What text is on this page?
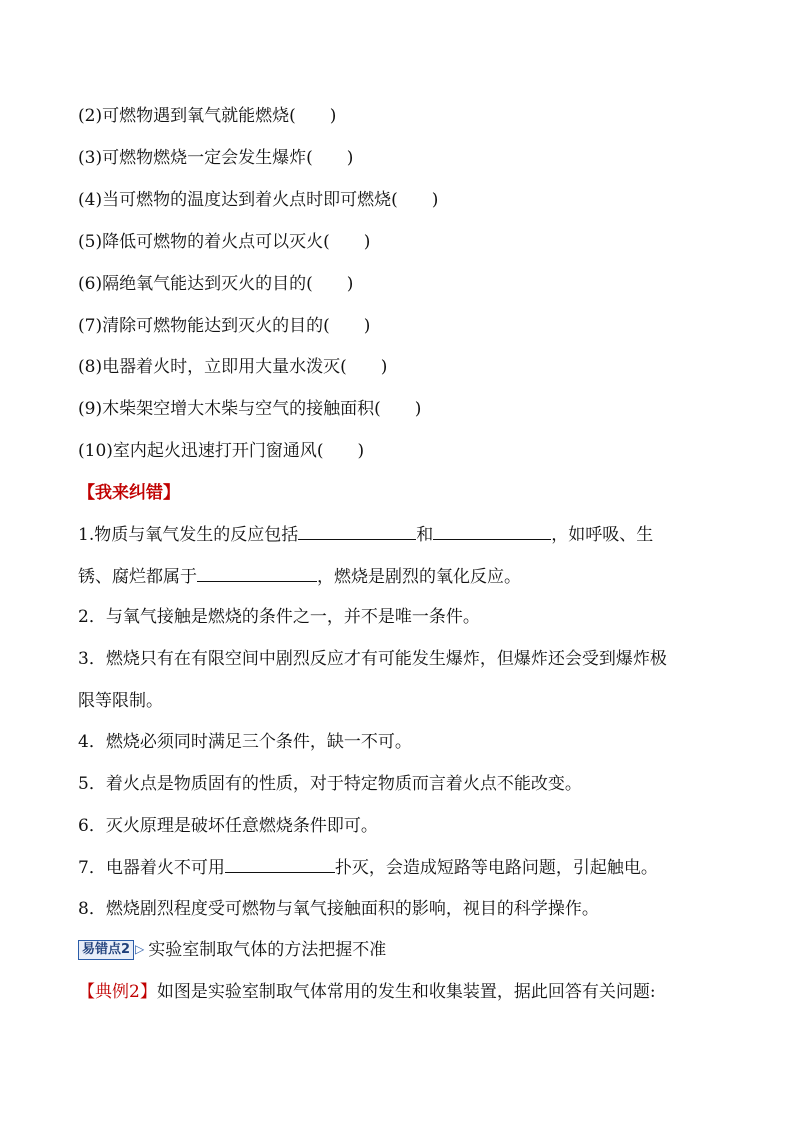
(2)可燃物遇到氧气就能燃烧(  )
(3)可燃物燃烧一定会发生爆炸(  )
(4)当可燃物的温度达到着火点时即可燃烧(  )
(5)降低可燃物的着火点可以灭火(  )
(6)隔绝氧气能达到灭火的目的(  )
(7)清除可燃物能达到灭火的目的(  )
(8)电器着火时，立即用大量水泼灭(  )
(9)木柴架空增大木柴与空气的接触面积(  )
(10)室内起火迅速打开门窗通风(  )
【我来纠错】
1.物质与氧气发生的反应包括	和	，如呼吸、生
锈、腐烂都属于	，燃烧是剧烈的氧化反应。
2．与氧气接触是燃烧的条件之一，并不是唯一条件。
3．燃烧只有在有限空间中剧烈反应才有可能发生爆炸，但爆炸还会受到爆炸极
限等限制。
4．燃烧必须同时满足三个条件，缺一不可。
5．着火点是物质固有的性质，对于特定物质而言着火点不能改变。
6．灭火原理是破坏任意燃烧条件即可。
7．电器着火不可用	扑灭，会造成短路等电路问题，引起触电。
8．燃烧剧烈程度受可燃物与氧气接触面积的影响，视目的科学操作。
易错点2 ▷ 实验室制取气体的方法把握不准
【典例2】如图是实验室制取气体常用的发生和收集装置，据此回答有关问题:
